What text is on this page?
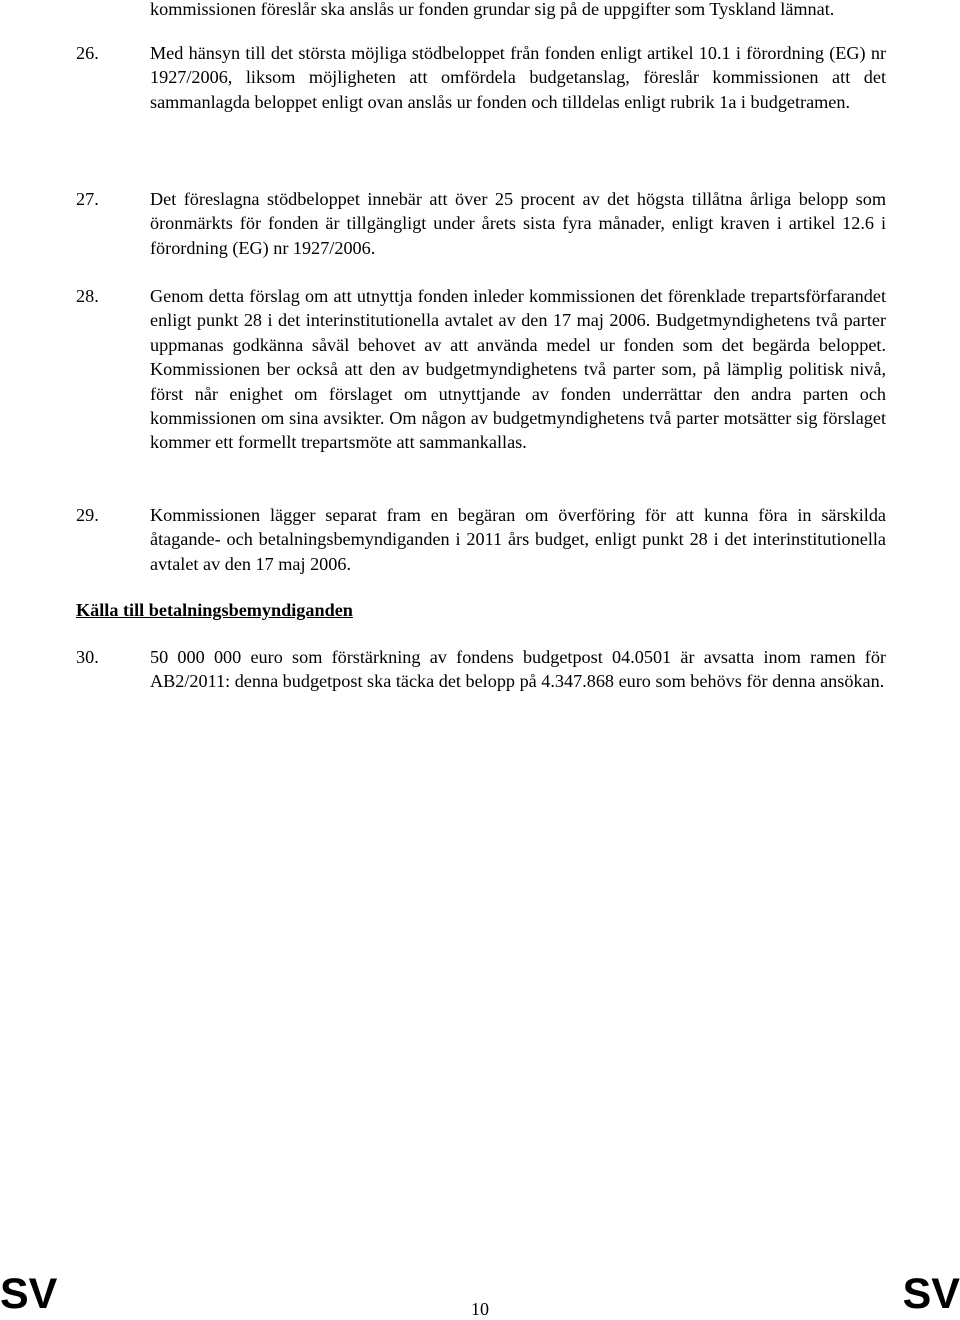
kommissionen föreslår ska anslås ur fonden grundar sig på de uppgifter som Tyskland lämnat.
26.	Med hänsyn till det största möjliga stödbeloppet från fonden enligt artikel 10.1 i förordning (EG) nr 1927/2006, liksom möjligheten att omfördela budgetanslag, föreslår kommissionen att det sammanlagda beloppet enligt ovan anslås ur fonden och tilldelas enligt rubrik 1a i budgetramen.
27.	Det föreslagna stödbeloppet innebär att över 25 procent av det högsta tillåtna årliga belopp som öronmärkts för fonden är tillgängligt under årets sista fyra månader, enligt kraven i artikel 12.6 i förordning (EG) nr 1927/2006.
28.	Genom detta förslag om att utnyttja fonden inleder kommissionen det förenklade trepartsförfarandet enligt punkt 28 i det interinstitutionella avtalet av den 17 maj 2006. Budgetmyndighetens två parter uppmanas godkänna såväl behovet av att använda medel ur fonden som det begärda beloppet. Kommissionen ber också att den av budgetmyndighetens två parter som, på lämplig politisk nivå, först når enighet om förslaget om utnyttjande av fonden underrättar den andra parten och kommissionen om sina avsikter. Om någon av budgetmyndighetens två parter motsätter sig förslaget kommer ett formellt trepartsmöte att sammankallas.
29.	Kommissionen lägger separat fram en begäran om överföring för att kunna föra in särskilda åtagande- och betalningsbemyndiganden i 2011 års budget, enligt punkt 28 i det interinstitutionella avtalet av den 17 maj 2006.
Källa till betalningsbemyndiganden
30.	50 000 000 euro som förstärkning av fondens budgetpost 04.0501 är avsatta inom ramen för AB2/2011: denna budgetpost ska täcka det belopp på 4.347.868 euro som behövs för denna ansökan.
SV	10	SV
